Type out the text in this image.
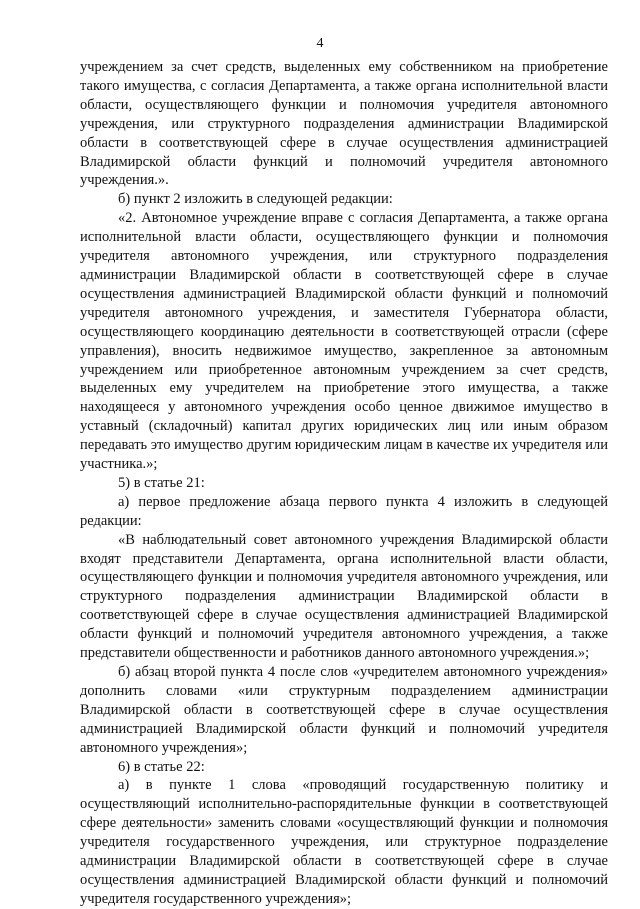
4

учреждением за счет средств, выделенных ему собственником на приобретение такого имущества, с согласия Департамента, а также органа исполнительной власти области, осуществляющего функции и полномочия учредителя автономного учреждения, или структурного подразделения администрации Владимирской области в соответствующей сфере в случае осуществления администрацией Владимирской области функций и полномочий учредителя автономного учреждения.».

б) пункт 2 изложить в следующей редакции:

«2. Автономное учреждение вправе с согласия Департамента, а также органа исполнительной власти области, осуществляющего функции и полномочия учредителя автономного учреждения, или структурного подразделения администрации Владимирской области в соответствующей сфере в случае осуществления администрацией Владимирской области функций и полномочий учредителя автономного учреждения, и заместителя Губернатора области, осуществляющего координацию деятельности в соответствующей отрасли (сфере управления), вносить недвижимое имущество, закрепленное за автономным учреждением или приобретенное автономным учреждением за счет средств, выделенных ему учредителем на приобретение этого имущества, а также находящееся у автономного учреждения особо ценное движимое имущество в уставный (складочный) капитал других юридических лиц или иным образом передавать это имущество другим юридическим лицам в качестве их учредителя или участника.»;

5) в статье 21:

а) первое предложение абзаца первого пункта 4 изложить в следующей редакции:

«В наблюдательный совет автономного учреждения Владимирской области входят представители Департамента, органа исполнительной власти области, осуществляющего функции и полномочия учредителя автономного учреждения, или структурного подразделения администрации Владимирской области в соответствующей сфере в случае осуществления администрацией Владимирской области функций и полномочий учредителя автономного учреждения, а также представители общественности и работников данного автономного учреждения.»;

б) абзац второй пункта 4 после слов «учредителем автономного учреждения» дополнить словами «или структурным подразделением администрации Владимирской области в соответствующей сфере в случае осуществления администрацией Владимирской области функций и полномочий учредителя автономного учреждения»;

6) в статье 22:

а) в пункте 1 слова «проводящий государственную политику и осуществляющий исполнительно-распорядительные функции в соответствующей сфере деятельности» заменить словами «осуществляющий функции и полномочия учредителя государственного учреждения, или структурное подразделение администрации Владимирской области в соответствующей сфере в случае осуществления администрацией Владимирской области функций и полномочий учредителя государственного учреждения»;
